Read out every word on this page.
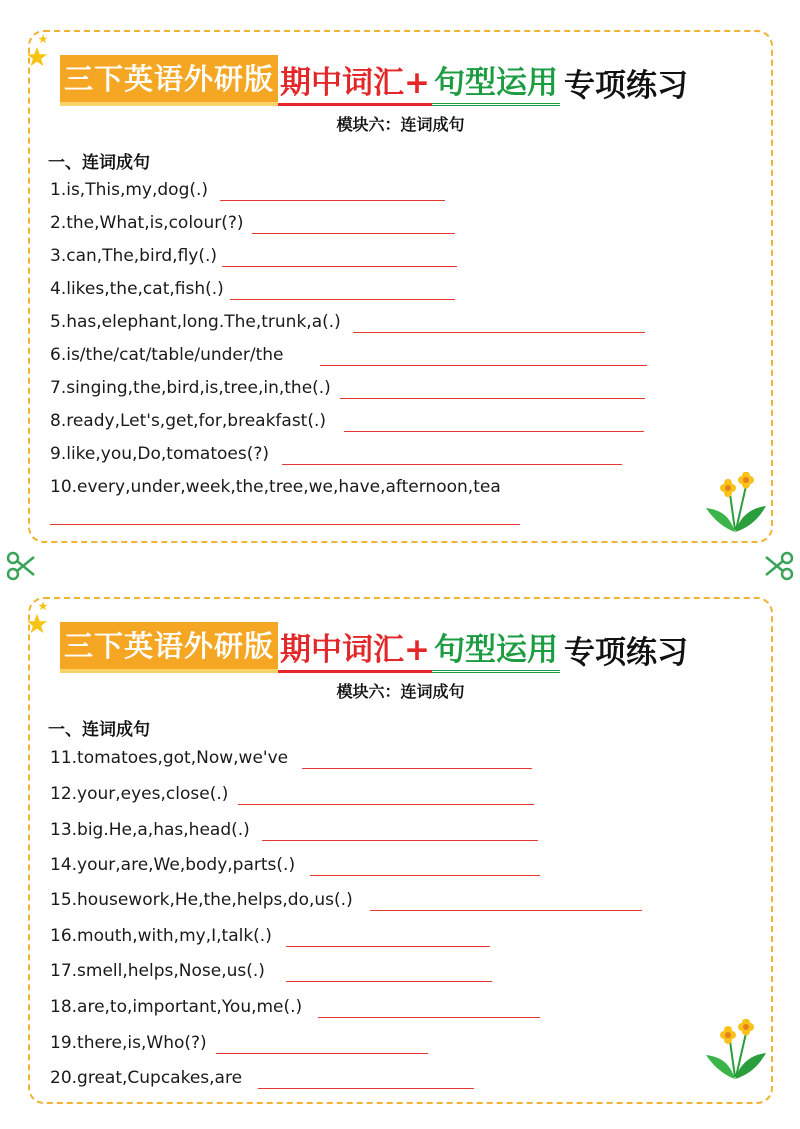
三下英语外研版 期中词汇+ 句型运用 专项练习
模块六：连词成句
一、连词成句
1.is,This,my,dog(.)
2.the,What,is,colour(?)
3.can,The,bird,fly(.)
4.likes,the,cat,fish(.)
5.has,elephant,long.The,trunk,a(.)
6.is/the/cat/table/under/the
7.singing,the,bird,is,tree,in,the(.)
8.ready,Let's,get,for,breakfast(.)
9.like,you,Do,tomatoes(?)
10.every,under,week,the,tree,we,have,afternoon,tea
三下英语外研版 期中词汇+ 句型运用 专项练习
模块六：连词成句
一、连词成句
11.tomatoes,got,Now,we've
12.your,eyes,close(.)
13.big.He,a,has,head(.)
14.your,are,We,body,parts(.)
15.housework,He,the,helps,do,us(.)
16.mouth,with,my,I,talk(.)
17.smell,helps,Nose,us(.)
18.are,to,important,You,me(.)
19.there,is,Who(?)
20.great,Cupcakes,are
